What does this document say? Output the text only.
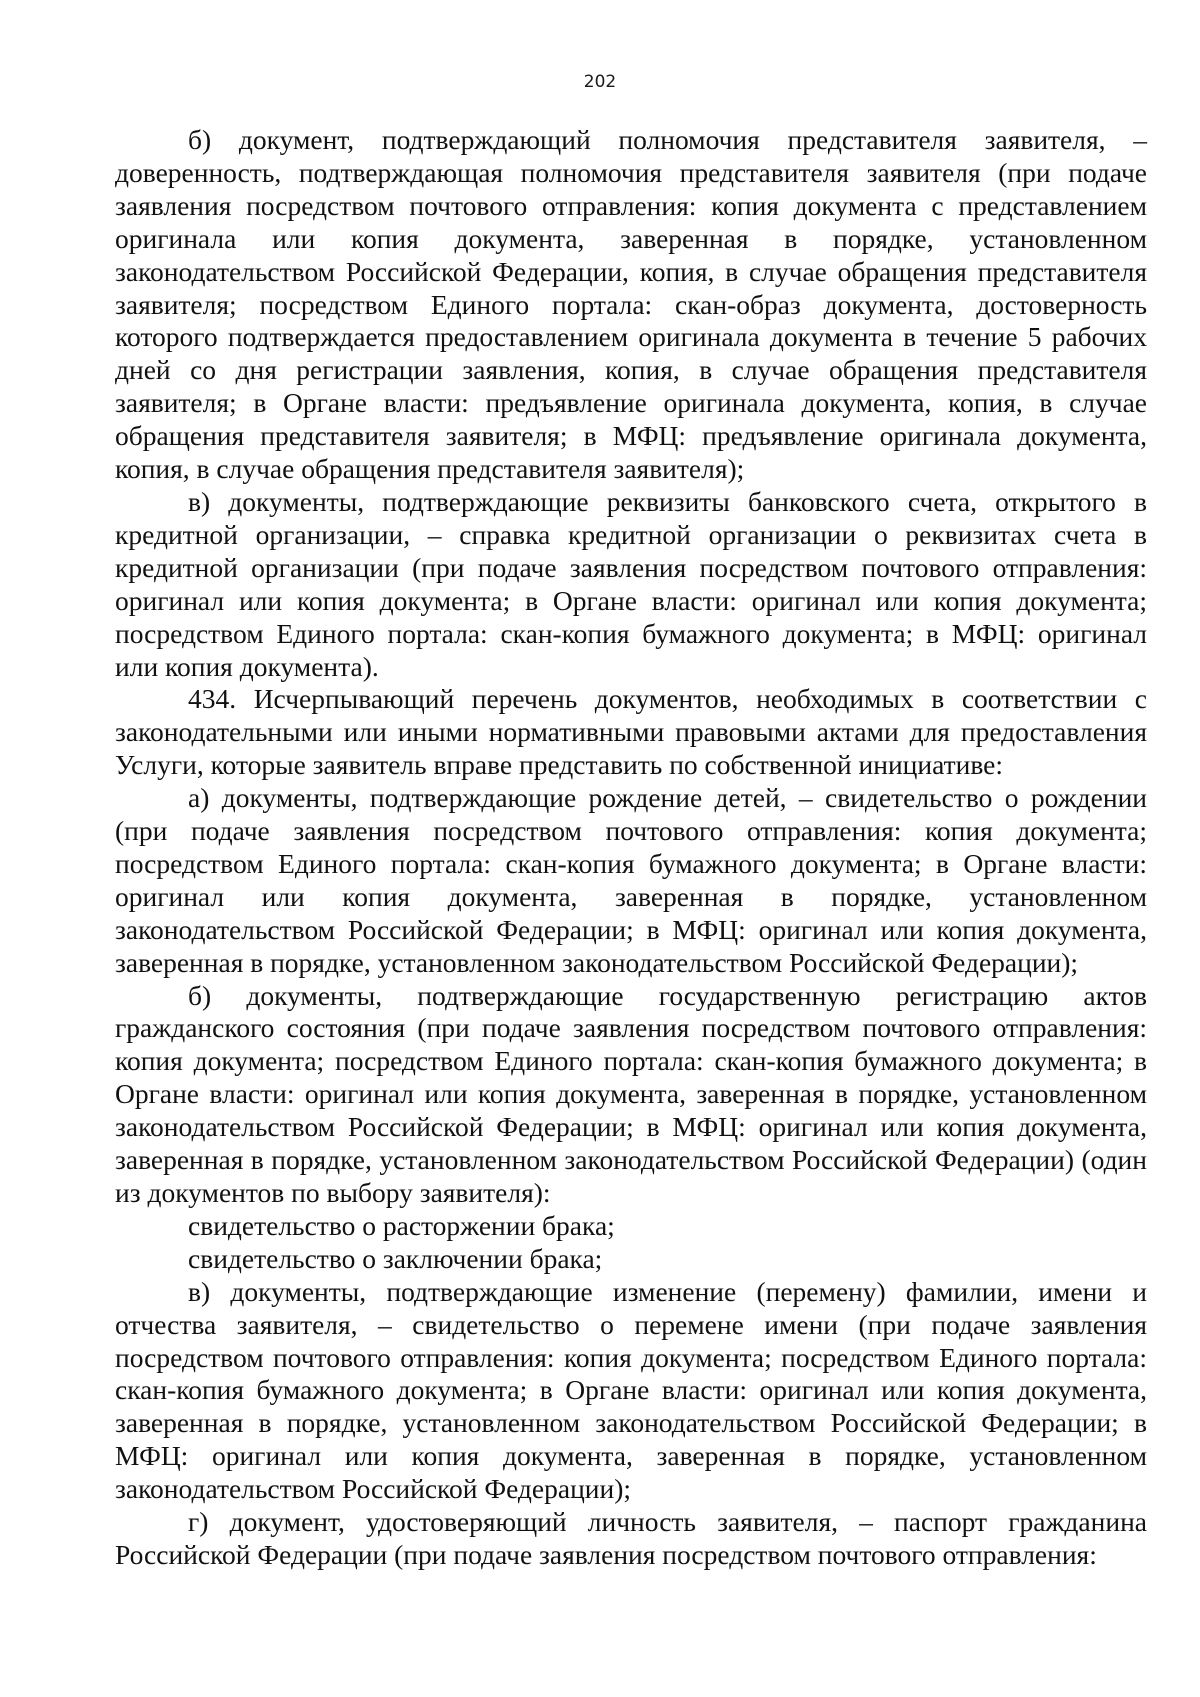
202

б) документ, подтверждающий полномочия представителя заявителя, – доверенность, подтверждающая полномочия представителя заявителя (при подаче заявления посредством почтового отправления: копия документа с представлением оригинала или копия документа, заверенная в порядке, установленном законодательством Российской Федерации, копия, в случае обращения представителя заявителя; посредством Единого портала: скан-образ документа, достоверность которого подтверждается предоставлением оригинала документа в течение 5 рабочих дней со дня регистрации заявления, копия, в случае обращения представителя заявителя; в Органе власти: предъявление оригинала документа, копия, в случае обращения представителя заявителя; в МФЦ: предъявление оригинала документа, копия, в случае обращения представителя заявителя);

в) документы, подтверждающие реквизиты банковского счета, открытого в кредитной организации, – справка кредитной организации о реквизитах счета в кредитной организации (при подаче заявления посредством почтового отправления: оригинал или копия документа; в Органе власти: оригинал или копия документа; посредством Единого портала: скан-копия бумажного документа; в МФЦ: оригинал или копия документа).

434. Исчерпывающий перечень документов, необходимых в соответствии с законодательными или иными нормативными правовыми актами для предоставления Услуги, которые заявитель вправе представить по собственной инициативе:

а) документы, подтверждающие рождение детей, – свидетельство о рождении (при подаче заявления посредством почтового отправления: копия документа; посредством Единого портала: скан-копия бумажного документа; в Органе власти: оригинал или копия документа, заверенная в порядке, установленном законодательством Российской Федерации; в МФЦ: оригинал или копия документа, заверенная в порядке, установленном законодательством Российской Федерации);

б) документы, подтверждающие государственную регистрацию актов гражданского состояния (при подаче заявления посредством почтового отправления: копия документа; посредством Единого портала: скан-копия бумажного документа; в Органе власти: оригинал или копия документа, заверенная в порядке, установленном законодательством Российской Федерации; в МФЦ: оригинал или копия документа, заверенная в порядке, установленном законодательством Российской Федерации) (один из документов по выбору заявителя):

свидетельство о расторжении брака;

свидетельство о заключении брака;

в) документы, подтверждающие изменение (перемену) фамилии, имени и отчества заявителя, – свидетельство о перемене имени (при подаче заявления посредством почтового отправления: копия документа; посредством Единого портала: скан-копия бумажного документа; в Органе власти: оригинал или копия документа, заверенная в порядке, установленном законодательством Российской Федерации; в МФЦ: оригинал или копия документа, заверенная в порядке, установленном законодательством Российской Федерации);

г) документ, удостоверяющий личность заявителя, – паспорт гражданина Российской Федерации (при подаче заявления посредством почтового отправления:
